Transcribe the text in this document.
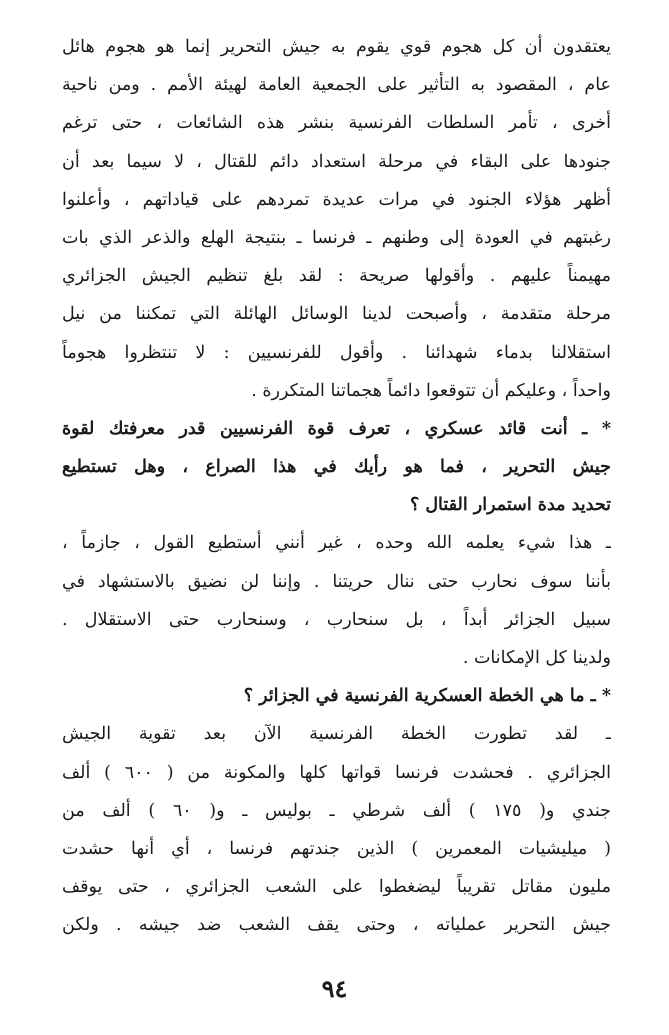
يعتقدون أن كل هجوم قوي يقوم به جيش التحرير إنما هو هجوم هائل
عام ، المقصود به التأثير على الجمعية العامة لهيئة الأمم . ومن ناحية
أخرى ، تأمر السلطات الفرنسية بنشر هذه الشائعات ، حتى ترغم
جنودها على البقاء في مرحلة استعداد دائم للقتال ، لا سيما بعد أن
أظهر هؤلاء الجنود في مرات عديدة تمردهم على قياداتهم ، وأعلنوا
رغبتهم في العودة إلى وطنهم ـ فرنسا ـ بنتيجة الهلع والذعر الذي بات
مهيمناً عليهم . وأقولها صريحة : لقد بلغ تنظيم الجيش الجزائري
مرحلة متقدمة ، وأصبحت لدينا الوسائل الهائلة التي تمكننا من نيل
استقلالنا بدماء شهدائنا . وأقول للفرنسيين : لا تنتظروا هجوماً
واحداً ، وعليكم أن تتوقعوا دائماً هجماتنا المتكررة .
* ـ أنت قائد عسكري ، تعرف قوة الفرنسيين قدر معرفتك لقوة
جيش التحرير ، فما هو رأيك في هذا الصراع ، وهل تستطيع
تحديد مدة استمرار القتال ؟
ـ هذا شيء يعلمه الله وحده ، غير أنني أستطيع القول ، جازماً ،
بأننا سوف نحارب حتى ننال حريتنا . وإننا لن نضيق بالاستشهاد في
سبيل الجزائر أبداً ، بل سنحارب ، وسنحارب حتى الاستقلال .
ولدينا كل الإمكانات .
* ـ ما هي الخطة العسكرية الفرنسية في الجزائر ؟
ـ لقد تطورت الخطة الفرنسية الآن بعد تقوية الجيش
الجزائري . فحشدت فرنسا قواتها كلها والمكونة من ( ٦٠٠ ) ألف
جندي و( ١٧٥ ) ألف شرطي ـ بوليس ـ و( ٦٠ ) ألف من
( ميليشيات المعمرين ) الذين جندتهم فرنسا ، أي أنها حشدت
مليون مقاتل تقريباً ليضغطوا على الشعب الجزائري ، حتى يوقف
جيش التحرير عملياته ، وحتى يقف الشعب ضد جيشه . ولكن
٩٤
